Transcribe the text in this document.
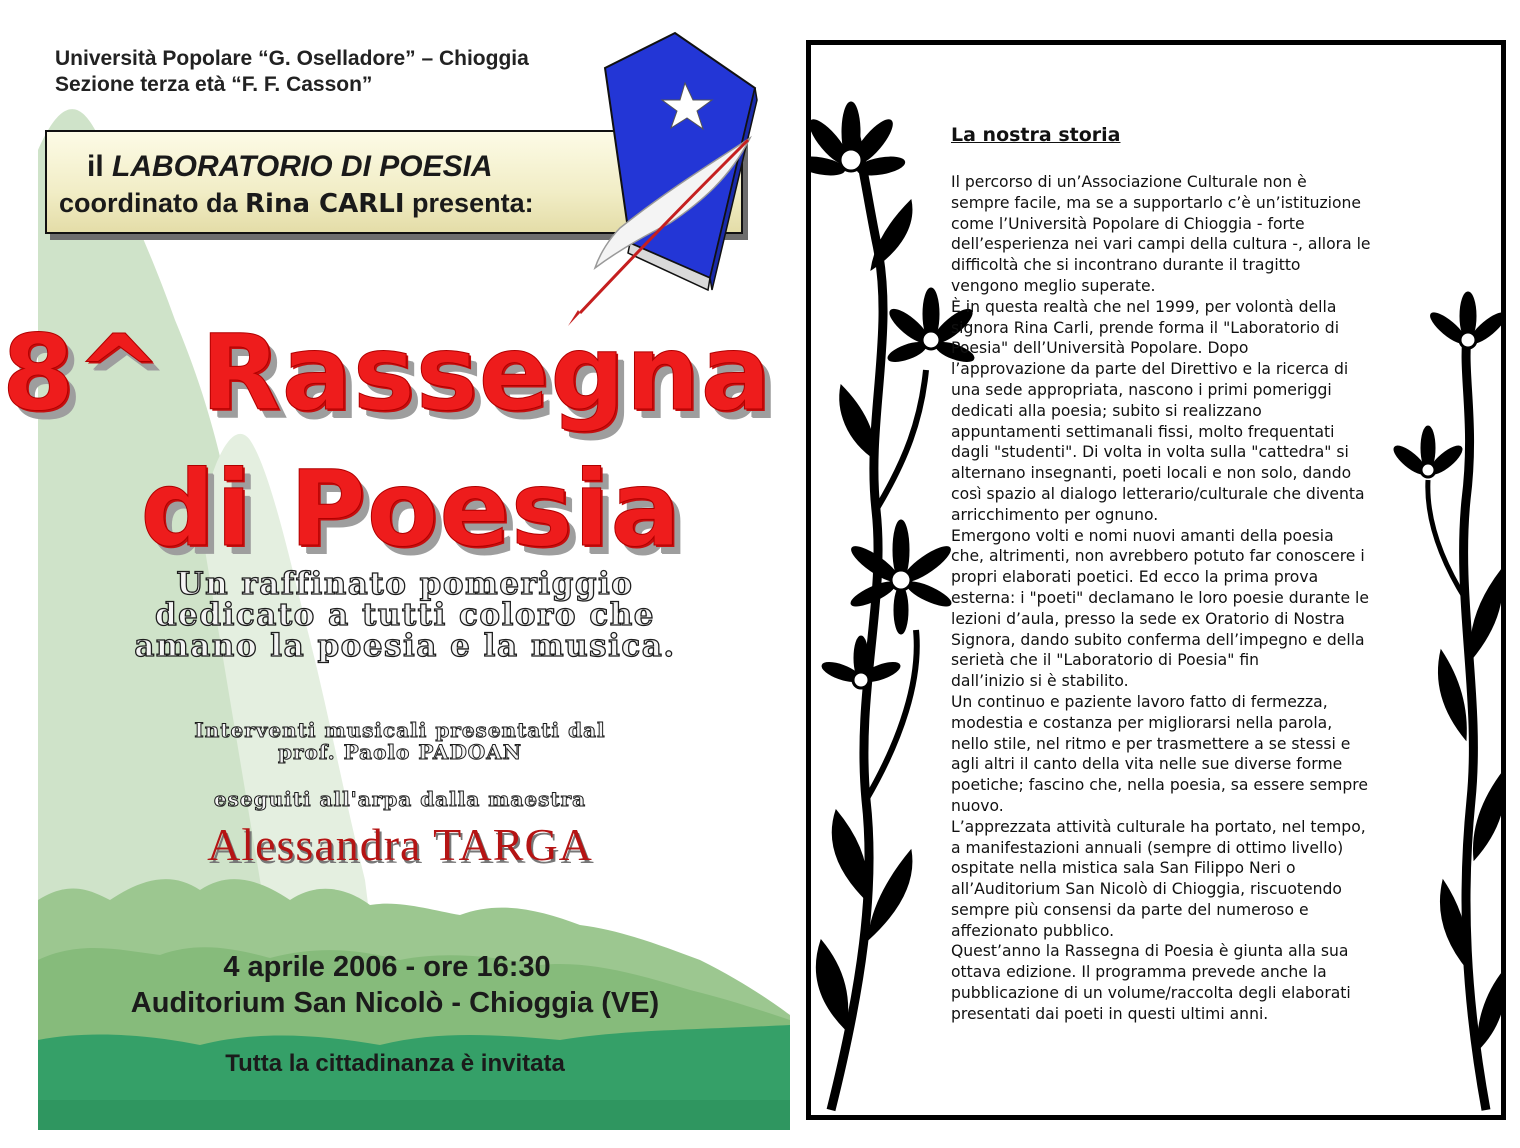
Università Popolare “G. Oselladore” – Chioggia
Sezione terza età “F. F. Casson”
il LABORATORIO DI POESIA
coordinato da Rina CARLI presenta:
8^ Rassegna
di Poesia
Un raffinato pomeriggio
dedicato a tutti coloro che
amano la poesia e la musica.
Interventi musicali presentati dal
prof. Paolo PADOAN
eseguiti all'arpa dalla maestra
Alessandra TARGA
4 aprile 2006 - ore 16:30
Auditorium San Nicolò - Chioggia (VE)
Tutta la cittadinanza è invitata
La nostra storia
Il percorso di un’Associazione Culturale non è
sempre facile, ma se a supportarlo c’è un’istituzione
come l’Università Popolare di Chioggia - forte
dell’esperienza nei vari campi della cultura -, allora le
difficoltà che si incontrano durante il tragitto
vengono meglio superate.
È in questa realtà che nel 1999, per volontà della
signora Rina Carli, prende forma il "Laboratorio di
Poesia" dell’Università Popolare. Dopo
l’approvazione da parte del Direttivo e la ricerca di
una sede appropriata, nascono i primi pomeriggi
dedicati alla poesia; subito si realizzano
appuntamenti settimanali fissi, molto frequentati
dagli "studenti". Di volta in volta sulla "cattedra" si
alternano insegnanti, poeti locali e non solo, dando
così spazio al dialogo letterario/culturale che diventa
arricchimento per ognuno.
Emergono volti e nomi nuovi amanti della poesia
che, altrimenti, non avrebbero potuto far conoscere i
propri elaborati poetici. Ed ecco la prima prova
esterna: i "poeti" declamano le loro poesie durante le
lezioni d’aula, presso la sede ex Oratorio di Nostra
Signora, dando subito conferma dell’impegno e della
serietà che il "Laboratorio di Poesia" fin
dall’inizio si è stabilito.
Un continuo e paziente lavoro fatto di fermezza,
modestia e costanza per migliorarsi nella parola,
nello stile, nel ritmo e per trasmettere a se stessi e
agli altri il canto della vita nelle sue diverse forme
poetiche; fascino che, nella poesia, sa essere sempre
nuovo.
L’apprezzata attività culturale ha portato, nel tempo,
a manifestazioni annuali (sempre di ottimo livello)
ospitate nella mistica sala San Filippo Neri o
all’Auditorium San Nicolò di Chioggia, riscuotendo
sempre più consensi da parte del numeroso e
affezionato pubblico.
Quest’anno la Rassegna di Poesia è giunta alla sua
ottava edizione. Il programma prevede anche la
pubblicazione di un volume/raccolta degli elaborati
presentati dai poeti in questi ultimi anni.
